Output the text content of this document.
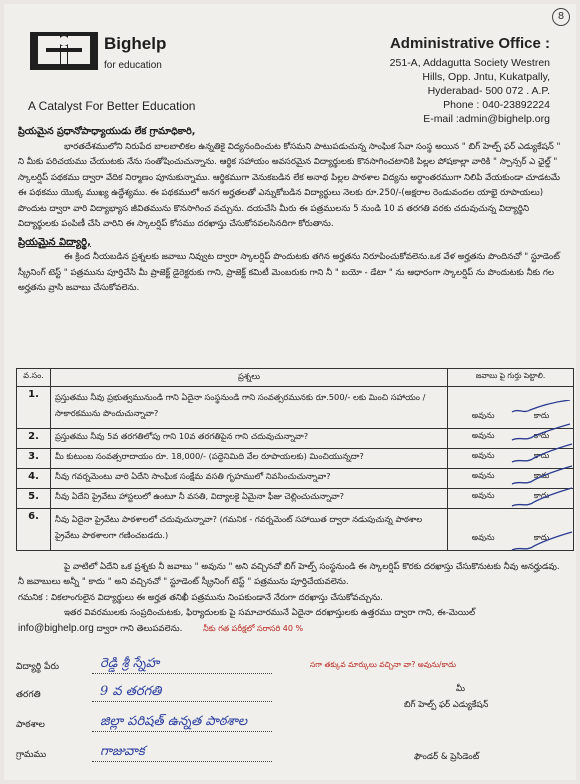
Bighelp
for education
A Catalyst For Better Education
Administrative Office :
251-A, Addagutta Society Westren
Hills, Opp. Jntu, Kukatpally,
Hyderabad- 500 072 . A.P.
Phone : 040-23892224
E-mail :admin@bighelp.org
8
ప్రియమైన ప్రధానోపాధ్యాయుడు లేక గ్రామాధికారి,
భారతదేశములోని నిరుపేద బాలబాలికల ఉన్నతికై విద్యనందించుట కోసమని పాటుపడుచున్న సాంఘిక సేవా సంస్థ అయిన " బిగ్ హెల్ప్ ఫర్ ఎడ్యుకేషన్ " ని మీకు పరిచయము చేయుటకు నేను సంతోషించుచున్నాను. ఆర్థిక సహాయం అవసరమైన విద్యార్థులకు కొనసాగించటానికి పిల్లల పోషకాల్లా వారికి " స్పాన్సర్ ఎ ఛైల్డ్ " స్కాలర్షిప్ పథకము ద్వారా వేదిక నిర్మాణం పూనుకున్నాము. ఆర్థికముగా వెనుకబడిన లేక అనాథ పిల్లల పాఠశాల విద్యను అర్థాంతరముగా నిలిపి వేయకుండా చూడటమే ఈ పథకము యొక్క ముఖ్య ఉద్దేశ్యము. ఈ పథకములో అనగ అర్హతలతో ఎన్నుకోబడిన విద్యార్థులు నెలకు రూ.250/-(అక్షరాల రెండువందల యాభై రూపాయలు) పొందుట ద్వారా వారి విద్యాభ్యాస జీవితమును కొనసాగించ వచ్చును. దయచేసి మీరు ఈ పత్రములను 5 నుండి 10 వ తరగతి వరకు చదువుచున్న విద్యార్థిని విద్యార్థులకు పంపిణీ చేసి వారిని ఈ స్కాలర్షిప్ కోసము దరఖాస్తు చేసుకోనవలసినదిగా కోరుతాను.
ప్రియమైన విద్యార్థి,
ఈ క్రింద నీయబడిన ప్రశ్నలకు జవాబు నివ్వుట ద్వారా స్కాలర్షిప్ పొందుటకు తగిన అర్హతను నిరూపించుకోవలెను.ఒక వేళ అర్హతను పొందినచో " స్టూడెంట్ స్క్రీనింగ్ టెస్ట్ " పత్రమును పూర్తిచేసి మీ ప్రాజెక్ట్ డైరెక్టరుకు గాని, ప్రాజెక్ట్ కమిటీ మెంబరుకు గాని నీ " బయో - డేటా " ను ఆధారంగా స్కాలర్షిప్ ను పొందుటకు నీకు గల అర్హతను వ్రాసి జవాబు చేసుకోవలెను.
వ.సం.	ప్రశ్నలు	జవాబు పై గుర్తు పెట్టాలి.
1.	ప్రస్తుతము నీవు ప్రభుత్వమునుండి గాని ఏదైనా సంస్థనుండి గాని సంవత్సరమునకు రూ.500/- లకు మించి సహాయం / సాకారకమును పొందుచున్నావా?	అవును కాదు

2.	ప్రస్తుతము నీవు 5వ తరగతిలోపు గాని 10వ తరగతిపైన గాని చదువుచున్నావా?	అవును కాదు

3.	మీ కుటుంబ సంవత్సరాదాయం రూ. 18,000/- (పద్దెనిమిది వేల రూపాయలకు) మించియున్నదా?	అవును కాదు

4.	నీవు గవర్నమెంటు వారి ఏదేని సాంఘిక సంక్షేమ వసతి గృహములో నివసించుచున్నావా?	అవును కాదు

5.	నీవు ఏదేని ప్రైవేటు హాస్టలులో ఉంటూ నీ వసతి, విద్యాలకై ఏమైనా ఫీజు చెల్లించుచున్నావా?	అవును కాదు

6.	నీవు ఏదైనా ప్రైవేటు పాఠశాలలో చదువుచున్నావా? (గమనిక - గవర్నమెంట్ సహాయిత ద్వారా నడుపుచున్న పాఠశాల ప్రైవేటు పాఠశాలగా గణించబడదు.)	అవును కాదు
పై వాటిలో ఏదేని ఒక ప్రశ్నకు నీ జవాబు " అవును " అని వచ్చినచో బిగ్ హెల్ప్ సంస్థనుండి ఈ స్కాలర్షిప్ కొరకు దరఖాస్తు చేసుకొనుటకు నీవు అనర్హుడవు. నీ జవాబులు అన్నీ " కాదు " అని వచ్చినచో " స్టూడెంట్ స్క్రీనింగ్ టెస్ట్ " పత్రమును పూర్తిచేయవలెను.
గమనిక : వికలాంగులైన విద్యార్థులు ఈ అర్హత తనిఖీ పత్రమును నింపకుండానే నేరుగా దరఖాస్తు చేసుకోవచ్చును.
ఇతర వివరములకు సంప్రదించుటకు, ఫిర్యాదులకు పై సమాచారమునే ఏదైనా దరఖాస్తులకు ఉత్తరము ద్వారా గాని, ఈ-మెయిల్
info@bighelp.org ద్వారా గాని తెలుపవలెను.	నీకు గత పరీక్షలో సరాసరి 40 %
విద్యార్థి పేరు	రెడ్డి శ్రీ స్నేహ	సగా తక్కువ మార్కులు వచ్చినా వా? అవును/కాదు
తరగతి	9 వ తరగతి
పాఠశాల	జిల్లా పరిషత్ ఉన్నత పాఠశాల
గ్రామము	గాజువాక
మీ
బిగ్ హెల్ప్ ఫర్ ఎడ్యుకేషన్
ఫౌండర్ & ప్రెసిడెంట్
